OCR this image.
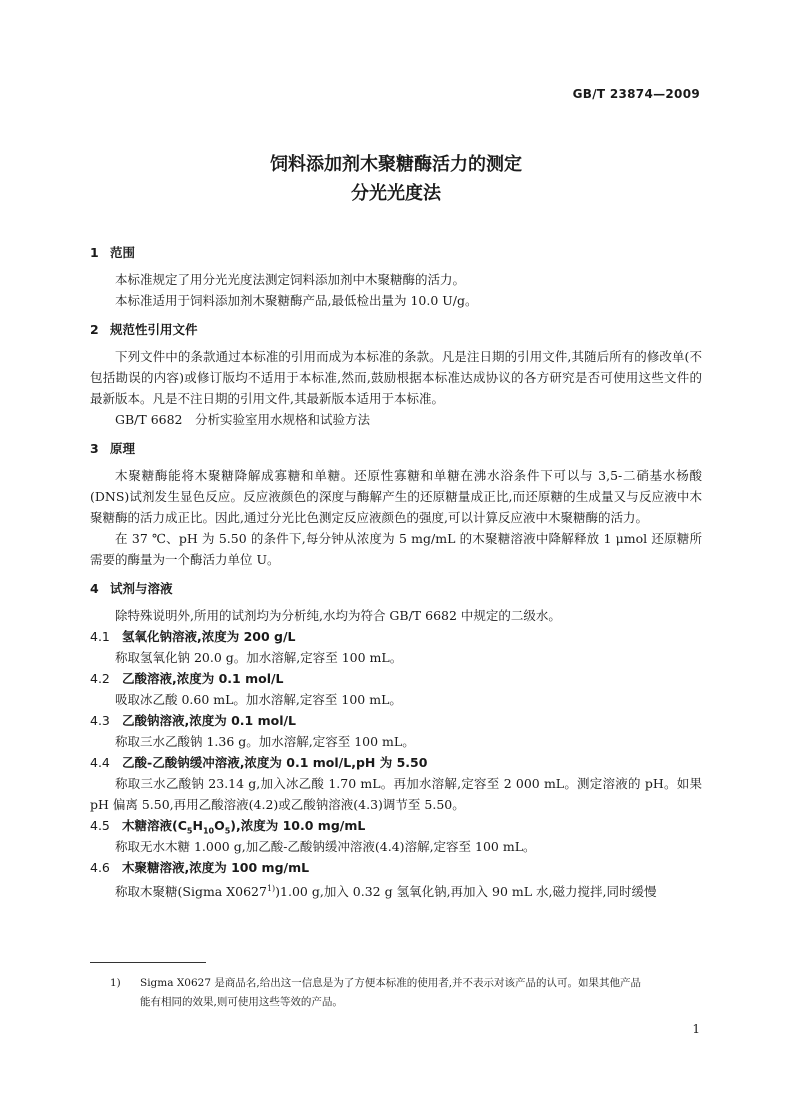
GB/T 23874—2009
饲料添加剂木聚糖酶活力的测定
分光光度法
1 范围

本标准规定了用分光光度法测定饲料添加剂中木聚糖酶的活力。

本标准适用于饲料添加剂木聚糖酶产品,最低检出量为 10.0 U/g。

2 规范性引用文件

下列文件中的条款通过本标准的引用而成为本标准的条款。凡是注日期的引用文件,其随后所有的修改单(不包括勘误的内容)或修订版均不适用于本标准,然而,鼓励根据本标准达成协议的各方研究是否可使用这些文件的最新版本。凡是不注日期的引用文件,其最新版本适用于本标准。

GB/T 6682　分析实验室用水规格和试验方法

3 原理

木聚糖酶能将木聚糖降解成寡糖和单糖。还原性寡糖和单糖在沸水浴条件下可以与 3,5-二硝基水杨酸(DNS)试剂发生显色反应。反应液颜色的深度与酶解产生的还原糖量成正比,而还原糖的生成量又与反应液中木聚糖酶的活力成正比。因此,通过分光比色测定反应液颜色的强度,可以计算反应液中木聚糖酶的活力。

在 37 ℃、pH 为 5.50 的条件下,每分钟从浓度为 5 mg/mL 的木聚糖溶液中降解释放 1 μmol 还原糖所需要的酶量为一个酶活力单位 U。

4 试剂与溶液

除特殊说明外,所用的试剂均为分析纯,水均为符合 GB/T 6682 中规定的二级水。

4.1 氢氧化钠溶液,浓度为 200 g/L

称取氢氧化钠 20.0 g。加水溶解,定容至 100 mL。

4.2 乙酸溶液,浓度为 0.1 mol/L

吸取冰乙酸 0.60 mL。加水溶解,定容至 100 mL。

4.3 乙酸钠溶液,浓度为 0.1 mol/L

称取三水乙酸钠 1.36 g。加水溶解,定容至 100 mL。

4.4 乙酸-乙酸钠缓冲溶液,浓度为 0.1 mol/L,pH 为 5.50

称取三水乙酸钠 23.14 g,加入冰乙酸 1.70 mL。再加水溶解,定容至 2 000 mL。测定溶液的 pH。如果 pH 偏离 5.50,再用乙酸溶液(4.2)或乙酸钠溶液(4.3)调节至 5.50。

4.5 木糖溶液$(C_5H_{10}O_5)$,浓度为 10.0 mg/mL

称取无水木糖 1.000 g,加乙酸-乙酸钠缓冲溶液(4.4)溶解,定容至 100 mL。

4.6 木聚糖溶液,浓度为 100 mg/mL

称取木聚糖(Sigma X0627$^{1)}$)1.00 g,加入 0.32 g 氢氧化钠,再加入 90 mL 水,磁力搅拌,同时缓慢

1) Sigma X0627 是商品名,给出这一信息是为了方便本标准的使用者,并不表示对该产品的认可。如果其他产品
能有相同的效果,则可使用这些等效的产品。
1
